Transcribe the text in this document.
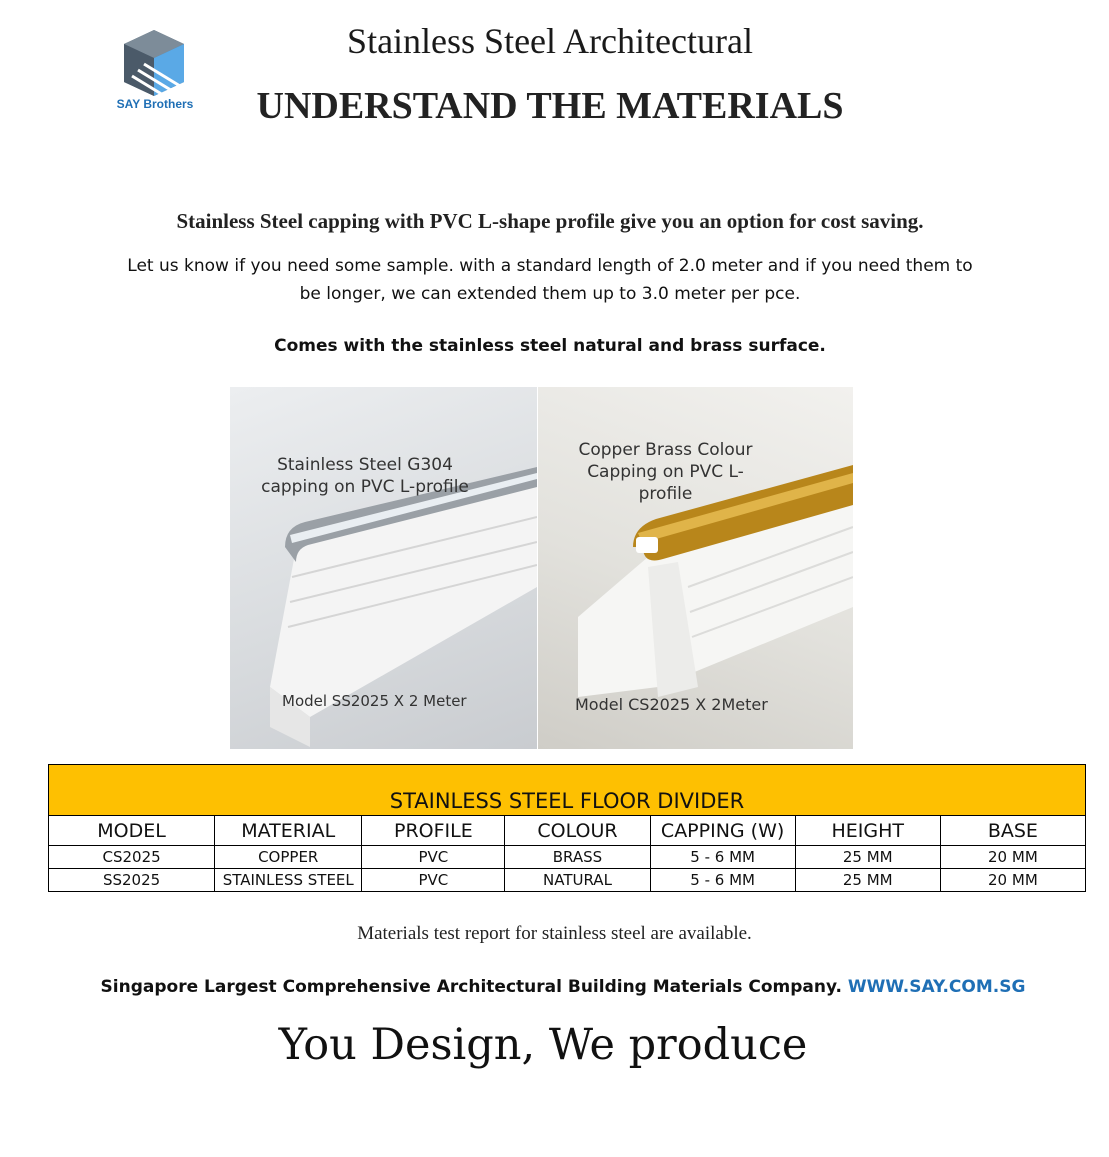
SAY Brothers
Stainless Steel Architectural
UNDERSTAND THE MATERIALS
Stainless Steel capping with PVC L-shape profile give you an option for cost saving.
Let us know if you need some sample. with a standard length of 2.0 meter and if you need them to be longer, we can extended them up to 3.0 meter per pce.
Comes with the stainless steel natural and brass surface.
Stainless Steel G304
capping on PVC L-profile
Model SS2025 X 2 Meter
Copper Brass Colour
Capping on PVC L- profile
Model CS2025 X 2Meter
STAINLESS STEEL FLOOR DIVIDER						
MODEL	MATERIAL	PROFILE	COLOUR	CAPPING (W)	HEIGHT	BASE
CS2025	COPPER	PVC	BRASS	5 - 6 MM	25 MM	20 MM
SS2025	STAINLESS STEEL	PVC	NATURAL	5 - 6 MM	25 MM	20 MM
Materials test report for stainless steel are available.
Singapore Largest Comprehensive Architectural Building Materials Company. WWW.SAY.COM.SG
You Design, We produce
